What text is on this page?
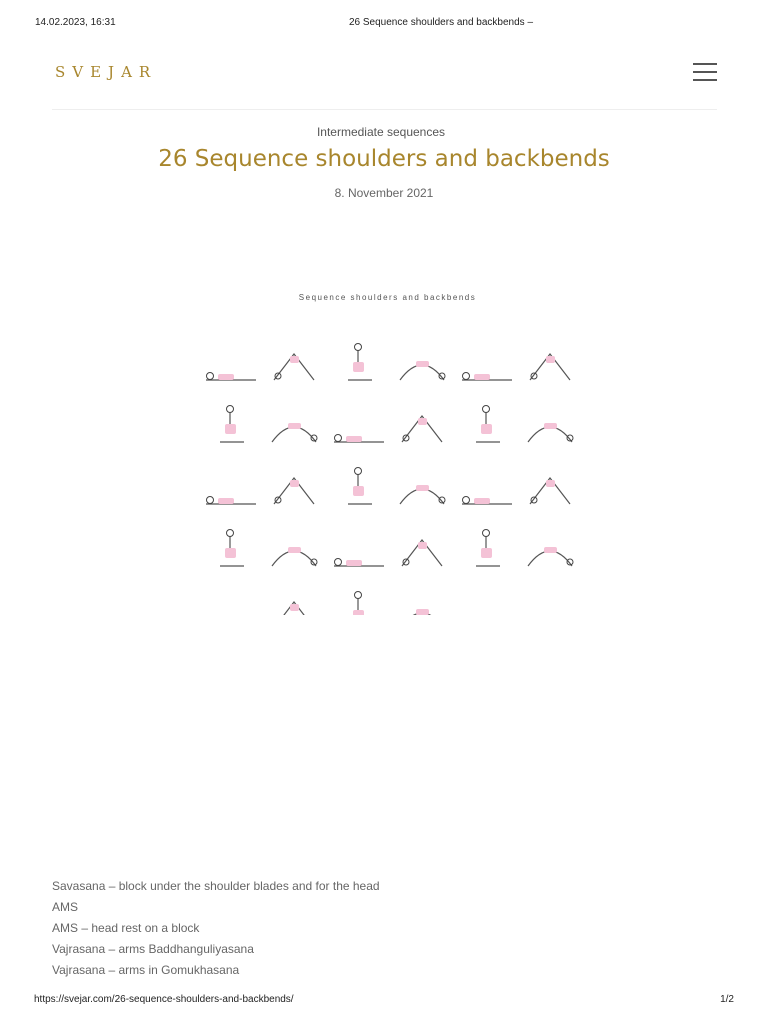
14.02.2023, 16:31	26 Sequence shoulders and backbends –
SVEJAR
Intermediate sequences
26 Sequence shoulders and backbends
8. November 2021
Sequence shoulders and backbends
Savasana – block under the shoulder blades and for the head
AMS
AMS – head rest on a block
Vajrasana – arms Baddhanguliyasana
Vajrasana – arms in Gomukhasana
https://svejar.com/26-sequence-shoulders-and-backbends/	1/2
